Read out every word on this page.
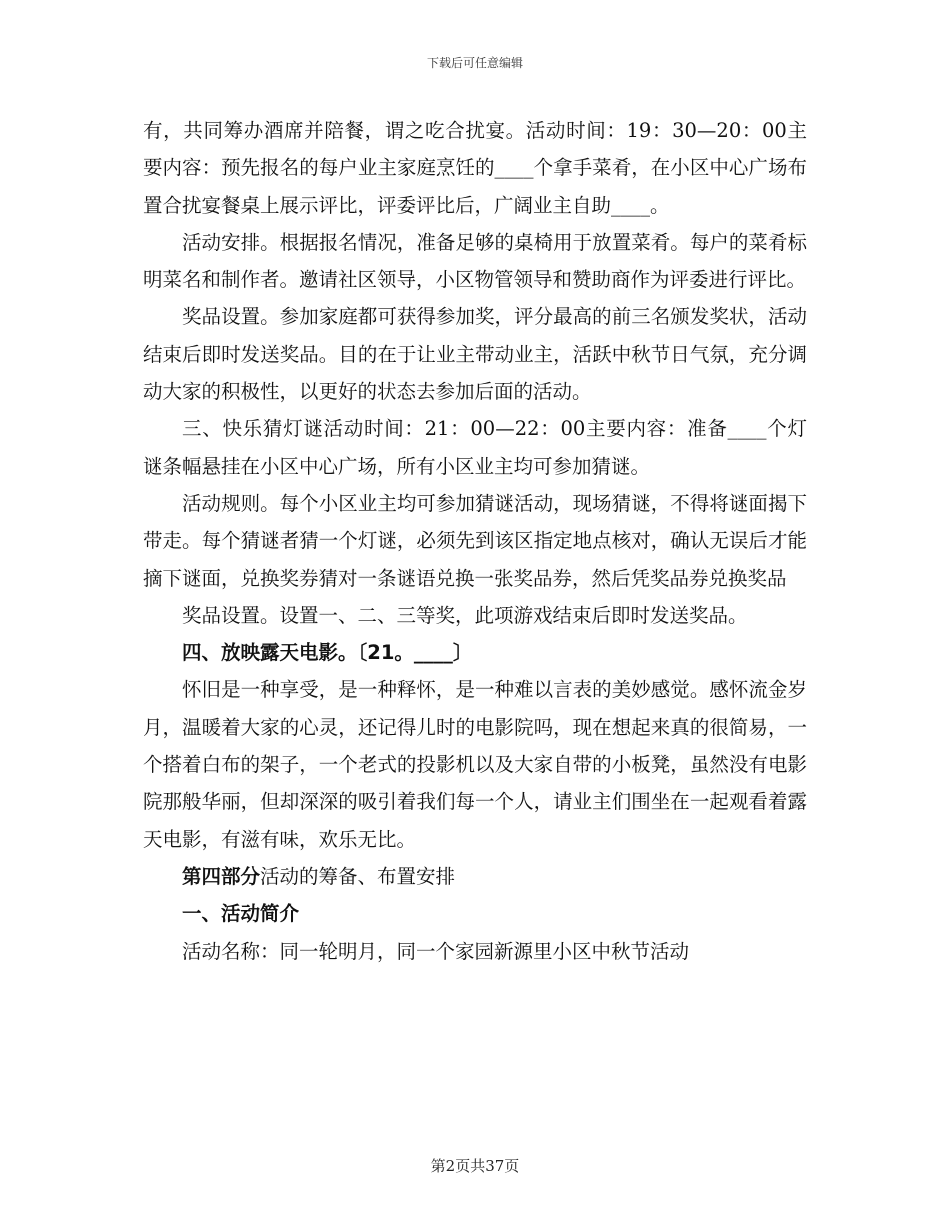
下载后可任意编辑

有，共同筹办酒席并陪餐，谓之吃合扰宴。活动时间：19：30—20：00主要内容：预先报名的每户业主家庭烹饪的____个拿手菜肴，在小区中心广场布置合扰宴餐桌上展示评比，评委评比后，广阔业主自助____。

活动安排。根据报名情况，准备足够的桌椅用于放置菜肴。每户的菜肴标明菜名和制作者。邀请社区领导，小区物管领导和赞助商作为评委进行评比。

奖品设置。参加家庭都可获得参加奖，评分最高的前三名颁发奖状，活动结束后即时发送奖品。目的在于让业主带动业主，活跃中秋节日气氛，充分调动大家的积极性，以更好的状态去参加后面的活动。

三、快乐猜灯谜活动时间：21：00—22：00主要内容：准备____个灯谜条幅悬挂在小区中心广场，所有小区业主均可参加猜谜。

活动规则。每个小区业主均可参加猜谜活动，现场猜谜，不得将谜面揭下带走。每个猜谜者猜一个灯谜，必须先到该区指定地点核对，确认无误后才能摘下谜面，兑换奖券猜对一条谜语兑换一张奖品券，然后凭奖品券兑换奖品

奖品设置。设置一、二、三等奖，此项游戏结束后即时发送奖品。

四、放映露天电影。〔21。____〕

怀旧是一种享受，是一种释怀，是一种难以言表的美妙感觉。感怀流金岁月，温暖着大家的心灵，还记得儿时的电影院吗，现在想起来真的很简易，一个搭着白布的架子，一个老式的投影机以及大家自带的小板凳，虽然没有电影院那般华丽，但却深深的吸引着我们每一个人，请业主们围坐在一起观看着露天电影，有滋有味，欢乐无比。

第四部分活动的筹备、布置安排

一、活动简介

活动名称：同一轮明月，同一个家园新源里小区中秋节活动

第2页共37页
